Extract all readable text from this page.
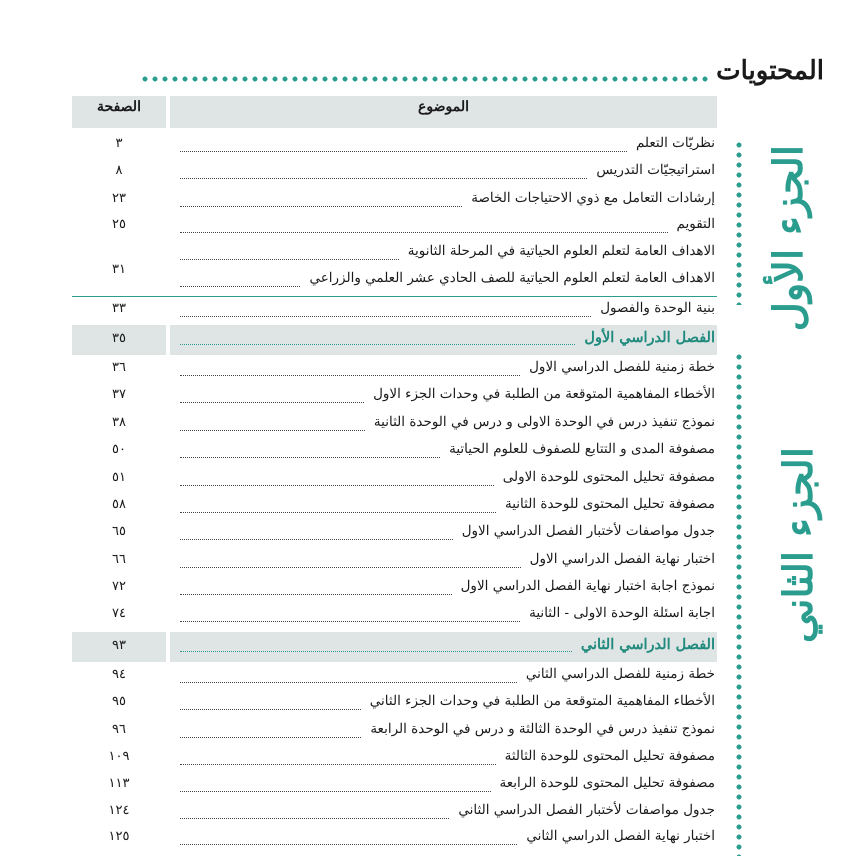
المحتويات
الصفحة	الموضوع
نظريّات التعلم
٣
استراتيجيّات التدريس
٨
إرشادات التعامل مع ذوي الاحتياجات الخاصة
٢٣
التقويم
٢٥
الاهداف العامة لتعلم العلوم الحياتية في المرحلة الثانوية
الاهداف العامة لتعلم العلوم الحياتية للصف الحادي عشر العلمي والزراعي
بنية الوحدة والفصول
٣٣
الفصل الدراسي الأول
٣٥
خطة زمنية للفصل الدراسي الاول
٣٦
الأخطاء المفاهمية المتوقعة من الطلبة في وحدات الجزء الاول
٣٧
نموذج تنفيذ درس في الوحدة الاولى و درس في الوحدة الثانية
٣٨
مصفوفة المدى و التتابع للصفوف للعلوم الحياتية
٥٠
مصفوفة تحليل المحتوى للوحدة الاولى
٥١
مصفوفة تحليل المحتوى للوحدة الثانية
٥٨
جدول مواصفات لأختبار الفصل الدراسي الاول
٦٥
اختبار نهاية الفصل الدراسي الاول
٦٦
نموذج اجابة اختبار نهاية الفصل الدراسي الاول
٧٢
اجابة اسئلة الوحدة الاولى - الثانية
٧٤
الفصل الدراسي الثاني
٩٣
خطة زمنية للفصل الدراسي الثاني
٩٤
الأخطاء المفاهمية المتوقعة من الطلبة في وحدات الجزء الثاني
٩٥
نموذج تنفيذ درس في الوحدة الثالثة و درس في الوحدة الرابعة
٩٦
مصفوفة تحليل المحتوى للوحدة الثالثة
١٠٩
مصفوفة تحليل المحتوى للوحدة الرابعة
١١٣
جدول مواصفات لأختبار الفصل الدراسي الثاني
١٢٤
اختبار نهاية الفصل الدراسي الثاني
١٢٥
٣١	الجزء الأول
الجزء الثاني
